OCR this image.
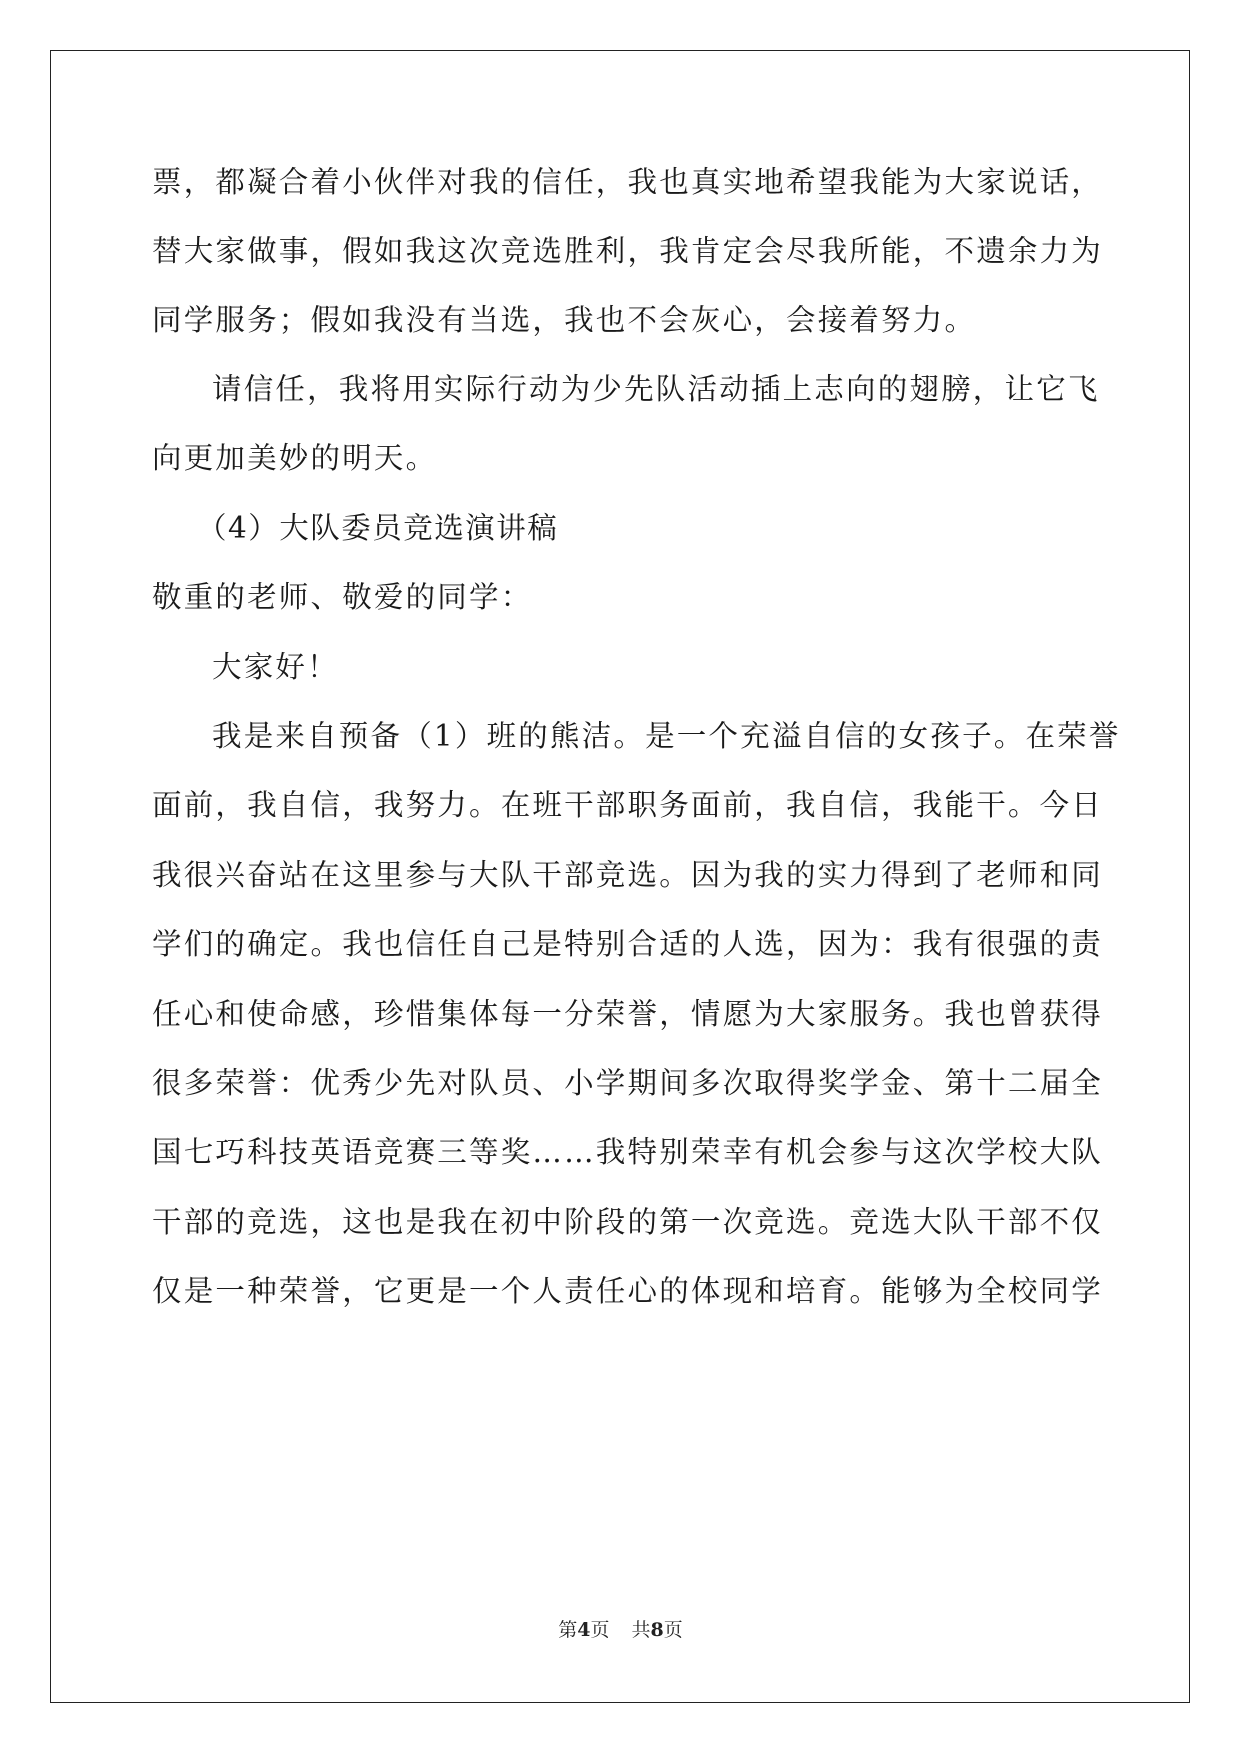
票，都凝合着小伙伴对我的信任，我也真实地希望我能为大家说话，
替大家做事，假如我这次竞选胜利，我肯定会尽我所能，不遗余力为
同学服务；假如我没有当选，我也不会灰心，会接着努力。
请信任，我将用实际行动为少先队活动插上志向的翅膀，让它飞
向更加美妙的明天。
（4）大队委员竞选演讲稿
敬重的老师、敬爱的同学：
大家好！
我是来自预备（1）班的熊洁。是一个充溢自信的女孩子。在荣誉
面前，我自信，我努力。在班干部职务面前，我自信，我能干。今日
我很兴奋站在这里参与大队干部竞选。因为我的实力得到了老师和同
学们的确定。我也信任自己是特别合适的人选，因为：我有很强的责
任心和使命感，珍惜集体每一分荣誉，情愿为大家服务。我也曾获得
很多荣誉：优秀少先对队员、小学期间多次取得奖学金、第十二届全
国七巧科技英语竞赛三等奖……我特别荣幸有机会参与这次学校大队
干部的竞选，这也是我在初中阶段的第一次竞选。竞选大队干部不仅
仅是一种荣誉，它更是一个人责任心的体现和培育。能够为全校同学
第4页 共8页
